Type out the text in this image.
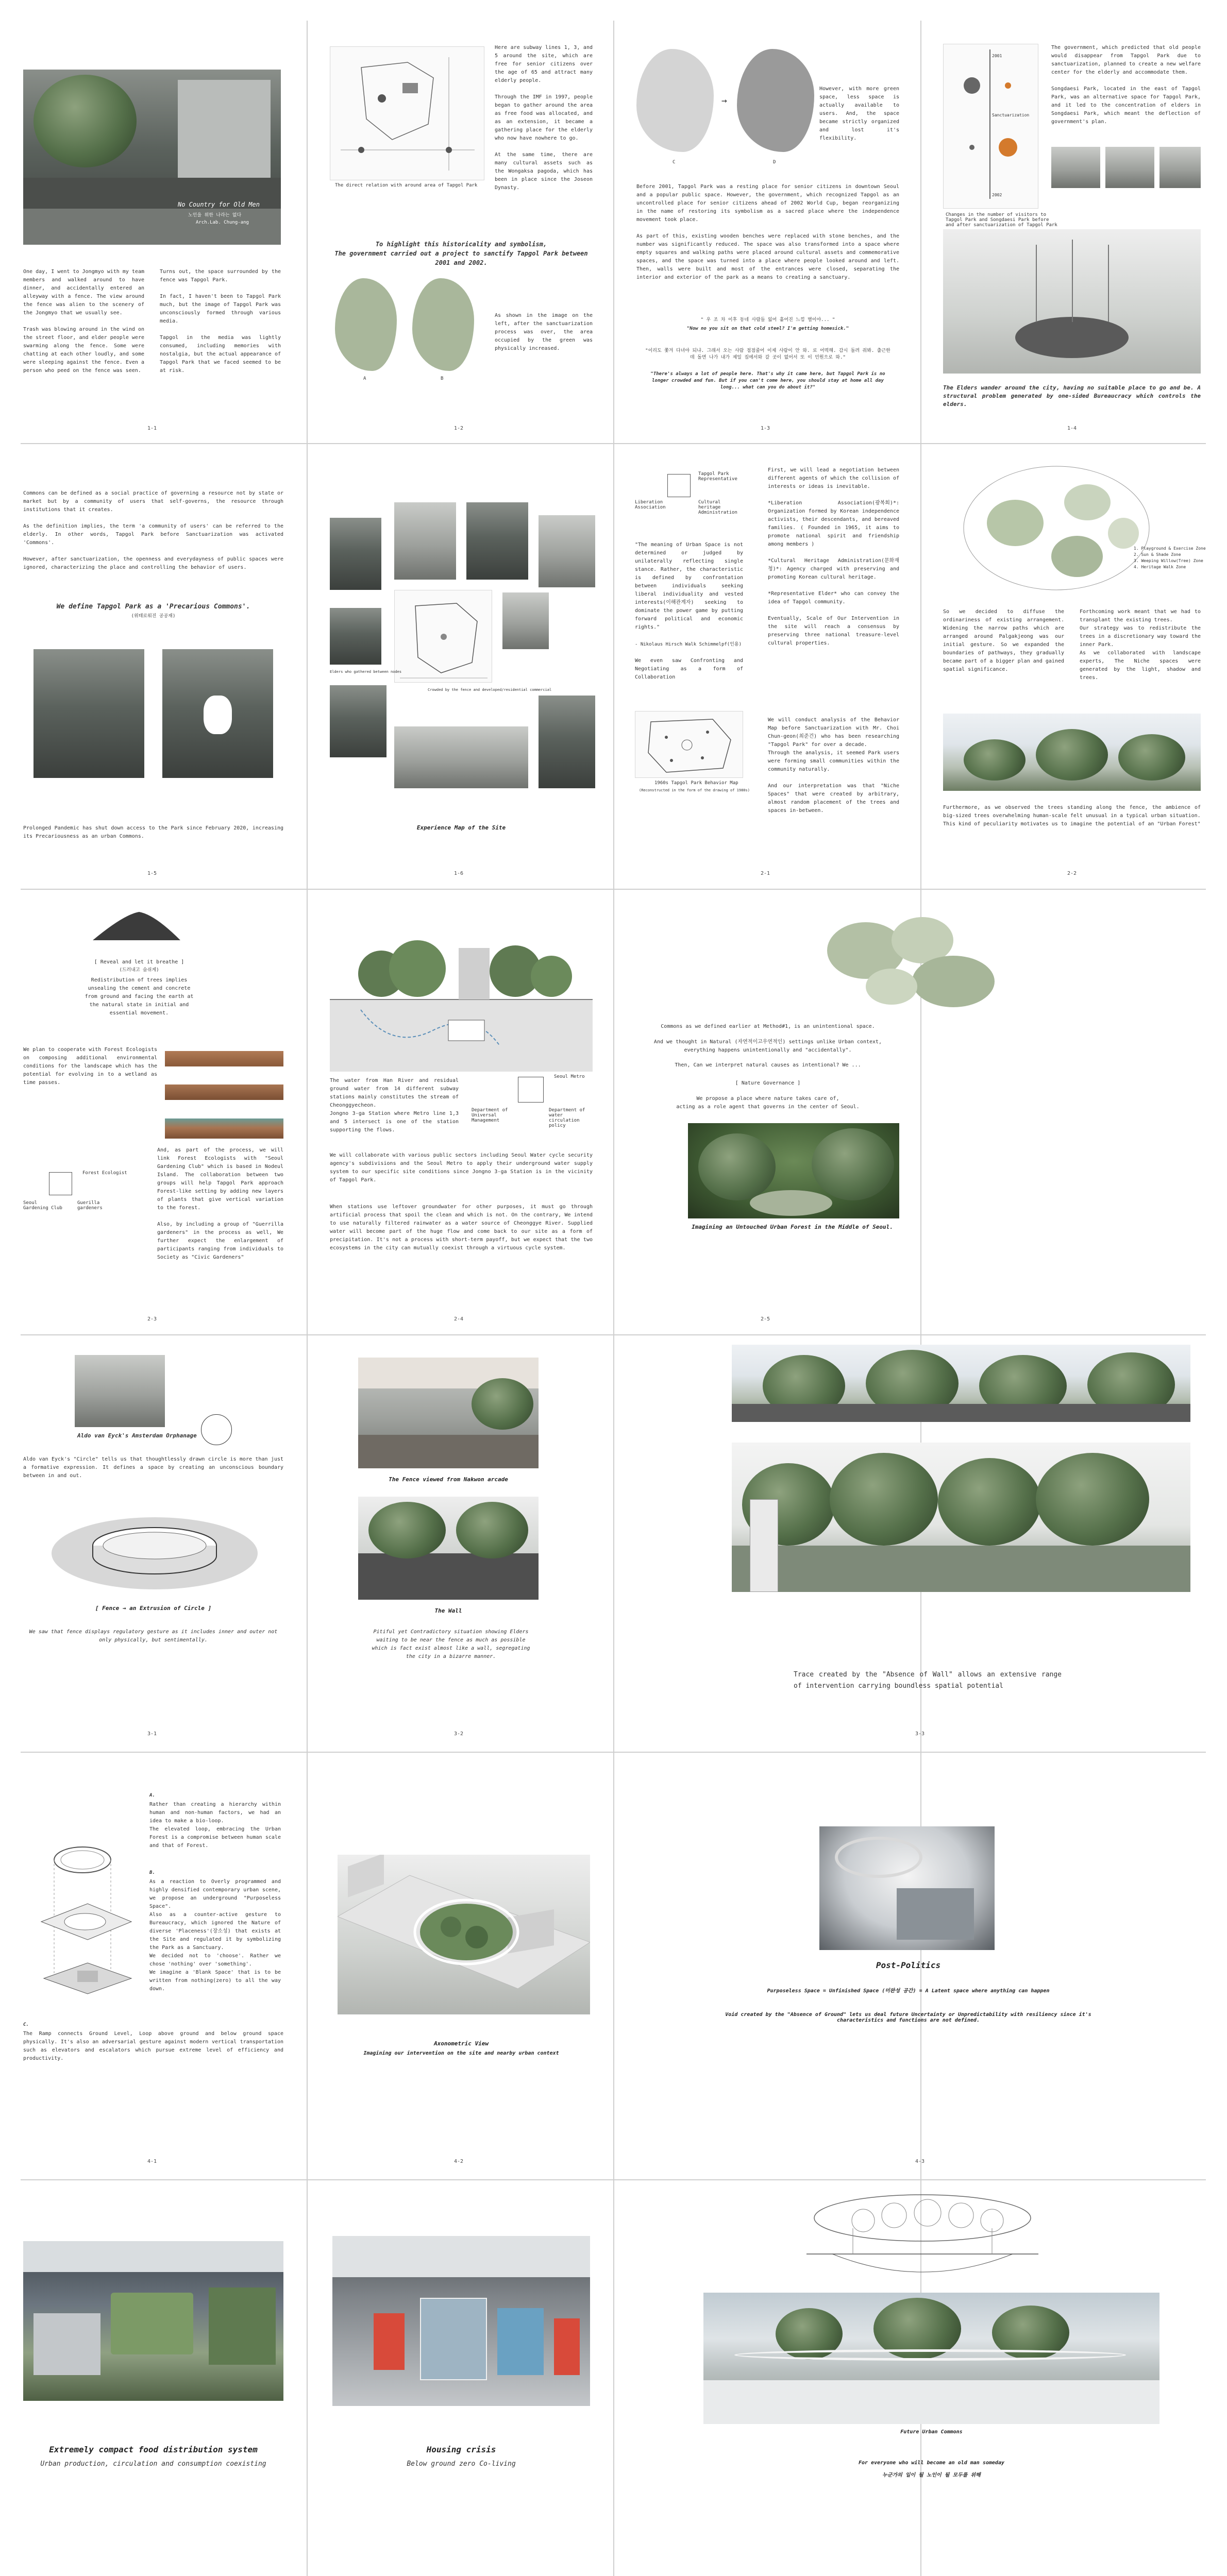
No Country for Old Men
노인을 위한 나라는 없다
Arch.Lab. Chung-ang
One day, I went to Jongmyo with my team members and walked around to have dinner, and accidentally entered an alleyway with a fence. The view around the fence was alien to the scenery of the Jongmyo that we usually see.

Trash was blowing around in the wind on the street floor, and elder people were swarming along the fence. Some were chatting at each other loudly, and some were sleeping against the fence. Even a person who peed on the fence was seen.
Turns out, the space surrounded by the fence was Tapgol Park.

In fact, I haven't been to Tapgol Park much, but the image of Tapgol Park was unconsciously formed through various media.

Tapgol in the media was lightly consumed, including memories with nostalgia, but the actual appearance of Tapgol Park that we faced seemed to be at risk.
1-1
The direct relation with around area of Tapgol Park
Here are subway lines 1, 3, and 5 around the site, which are free for senior citizens over the age of 65 and attract many elderly people.

Through the IMF in 1997, people began to gather around the area as free food was allocated, and as an extension, it became a gathering place for the elderly who now have nowhere to go.

At the same time, there are many cultural assets such as the Wongaksa pagoda, which has been in place since the Joseon Dynasty.
To highlight this historicality and symbolism,
The government carried out a project to sanctify Tapgol Park between 2001 and 2002.
A	B
As shown in the image on the left, after the sanctuarization process was over, the area occupied by the green was physically increased.
1-2
→
C	D
However, with more green space, less space is actually available to users. And, the space became strictly organized and lost it's flexibility.
Before 2001, Tapgol Park was a resting place for senior citizens in downtown Seoul and a popular public space. However, the government, which recognized Tapgol as an uncontrolled place for senior citizens ahead of 2002 World Cup, began reorganizing in the name of restoring its symbolism as a sacred place where the independence movement took place.

As part of this, existing wooden benches were replaced with stone benches, and the number was significantly reduced. The space was also transformed into a space where empty squares and walking paths were placed around cultural assets and commemorative spaces, and the space was turned into a place where people looked around and left. Then, walls were built and most of the entrances were closed, separating the interior and exterior of the park as a means to creating a sanctuary.
" 우 조 차 이후 동네 사람들 잃어 흩어진 느낌 별이야... "
"Now no you sit on that cold steel? I'm getting homesick."
"이리도 쫓겨 다녀야 되냐. 그래서 오는 사람 점점줄어 이제 사람이 안 와. 로 어떡해. 감시 돌려 줘봐. 출근한데 돌면 나가 내가 제일 집에서와 갈 곳이 없어서 또 이 민원으로 와."
"There's always a lot of people here. That's why it came here, but Tapgol Park is no longer crowded and fun. But if you can't come here, you should stay at home all day long... what can you do about it?"
1-3
2001
Sanctuarization
2002
The government, which predicted that old people would disappear from Tapgol Park due to sanctuarization, planned to create a new welfare center for the elderly and accommodate them.

Songdaesi Park, located in the east of Tapgol Park, was an alternative space for Tapgol Park, and it led to the concentration of elders in Songdaesi Park, which meant the deflection of government's plan.
Changes in the number of visitors to Tapgol Park and Songdaesi Park before and after sanctuarization of Tapgol Park
The Elders wander around the city, having no suitable place to go and be. A structural problem generated by one-sided Bureaucracy which controls the elders.
1-4
Commons can be defined as a social practice of governing a resource not by state or market but by a community of users that self-governs, the resource through institutions that it creates.

As the definition implies, the term 'a community of users' can be referred to the elderly. In other words, Tapgol Park before Sanctuarization was activated 'Commons'.

However, after sanctuarization, the openness and everydayness of public spaces were ignored, characterizing the place and controlling the behavior of users.
We define Tapgol Park as a 'Precarious Commons'.
(위태로워진 공공재)
Prolonged Pandemic has shut down access to the Park since February 2020, increasing its Precariousness as an urban Commons.
1-5
Elders who gathered between nodes
Crowded by the fence and developed/residential commercial
Experience Map of the Site
1-6
Tapgol Park Representative
Liberation Association
Cultural heritage Administration
"The meaning of Urban Space is not determined or judged by unilaterally reflecting single stance. Rather, the characteristic is defined by confrontation between individuals seeking liberal individuality and vested interests(이해관계자) seeking to dominate the power game by putting forward political and economic rights."
- Nikolaus Hirsch Walk Schimmelpf(인용)
We even saw Confronting and Negotiating as a form of Collaboration
1960s Tapgol Park Behavior Map
(Reconstructed in the form of the drawing of 1980s)
First, we will lead a negotiation between different agents of which the collision of interests or ideas is inevitable.

*Liberation Association(광복회)*: Organization formed by Korean independence activists, their descendants, and bereaved families. ( Founded in 1965, it aims to promote national spirit and friendship among members )

*Cultural Heritage Administration(문화재청)*: Agency charged with preserving and promoting Korean cultural heritage.

*Representative Elder* who can convey the idea of Tapgol community.

Eventually, Scale of Our Intervention in the site will reach a consensus by preserving three national treasure-level cultural properties.
We will conduct analysis of the Behavior Map before Sanctuarization with Mr. Choi Chun-geon(최준건) who has been researching "Tapgol Park" for over a decade.
Through the analysis, it seemed Park users were forming small communities within the community naturally.

And our interpretation was that "Niche Spaces" that were created by arbitrary, almost random placement of the trees and spaces in-between.
2-1
1. Playground & Exercise Zone
2. Sun & Shade Zone
3. Weeping Willow(Tree) Zone
4. Heritage Walk Zone
So we decided to diffuse the ordinariness of existing arrangement. Widening the narrow paths which are arranged around Palgakjeong was our initial gesture. So we expanded the boundaries of pathways, they gradually became part of a bigger plan and gained spatial significance.
Forthcoming work meant that we had to transplant the existing trees.
Our strategy was to redistribute the trees in a discretionary way toward the inner Park.
As we collaborated with landscape experts, The Niche spaces were generated by the light, shadow and trees.
Furthermore, as we observed the trees standing along the fence, the ambience of big-sized trees overwhelming human-scale felt unusual in a typical urban situation.
This kind of peculiarity motivates us to imagine the potential of an "Urban Forest"
2-2
[ Reveal and let it breathe ]
(드러내고 숨쉬게)
Redistribution of trees implies unsealing the cement and concrete from ground and facing the earth at the natural state in initial and essential movement.
We plan to cooperate with Forest Ecologists on composing additional environmental conditions for the landscape which has the potential for evolving in to a wetland as time passes.
Forest Ecologist
Seoul Gardening Club
Guerilla gardeners
And, as part of the process, we will link Forest Ecologists with "Seoul Gardening Club" which is based in Nodeul Island. The collaboration between two groups will help Tapgol Park approach Forest-like setting by adding new layers of plants that give vertical variation to the forest.

Also, by including a group of "Guerrilla gardeners" in the process as well, We further expect the enlargement of participants ranging from individuals to Society as "Civic Gardeners"
2-3
The water from Han River and residual ground water from 14 different subway stations mainly constitutes the stream of Cheonggyecheon.
Jongno 3-ga Station where Metro line 1,3 and 5 intersect is one of the station supporting the flows.
Seoul Metro
Department of Universal Management
Department of water circulation policy
We will collaborate with various public sectors including Seoul Water cycle security agency's subdivisions and the Seoul Metro to apply their underground water supply system to our specific site conditions since Jongno 3-ga Station is in the vicinity of Tapgol Park.
When stations use leftover groundwater for other purposes, it must go through artificial process that spoil the clean and which is not. On the contrary, We intend to use naturally filtered rainwater as a water source of Cheonggye River. Supplied water will become part of the huge flow and come back to our site as a form of precipitation. It's not a process with short-term payoff, but we expect that the two ecosystems in the city can mutually coexist through a virtuous cycle system.
2-4
Commons as we defined earlier at Method#1, is an unintentional space.
And we thought in Natural (자연적이고우연적인) settings unlike Urban context, everything happens unintentionally and "accidentally".
Then, Can we interpret natural causes as intentional? We ...
[ Nature Governance ]
We propose a place where nature takes care of,
acting as a role agent that governs in the center of Seoul.
Imagining an Untouched Urban Forest in the Middle of Seoul.
2-5
Aldo van Eyck's Amsterdam Orphanage
Aldo van Eyck's "Circle" tells us that thoughtlessly drawn circle is more than just a formative expression. It defines a space by creating an unconscious boundary between in and out.
[ Fence → an Extrusion of Circle ]
We saw that fence displays regulatory gesture as it includes inner and outer not only physically, but sentimentally.
3-1
The Fence viewed from Nakwon arcade
The Wall
Pitiful yet Contradictory situation showing Elders waiting to be near the fence as much as possible which is fact exist almost like a wall, segregating the city in a bizarre manner.
3-2
Trace created by the "Absence of Wall" allows an extensive range of intervention carrying boundless spatial potential
3-3
A.
Rather than creating a hierarchy within human and non-human factors, we had an idea to make a bio-loop.
The elevated loop, embracing the Urban Forest is a compromise between human scale and that of Forest.
B.
As a reaction to Overly programmed and highly densified contemporary urban scene, we propose an underground "Purposeless Space".
Also as a counter-active gesture to Bureaucracy, which ignored the Nature of diverse 'Placeness'(장소성) that exists at the Site and regulated it by symbolizing the Park as a Sanctuary.
We decided not to 'choose'. Rather we chose 'nothing' over 'something'.
We imagine a 'Blank Space' that is to be written from nothing(zero) to all the way down.
C.
The Ramp connects Ground Level, Loop above ground and below ground space physically. It's also an adversarial gesture against modern vertical transportation such as elevators and escalators which pursue extreme level of efficiency and productivity.
4-1
Axonometric View
Imagining our intervention on the site and nearby urban context
4-2
Post-Politics
Purposeless Space = Unfinished Space (미완성 공간) = A Latent space where anything can happen
Void created by the "Absence of Ground" lets us deal future Uncertainty or Unpredictability with resiliency since it's characteristics and functions are not defined.
4-3
Extremely compact food distribution system
Urban production, circulation and consumption coexisting
Housing crisis
Below ground zero Co-living
Future Urban Commons
For everyone who will become an old man someday
누군가의 일이 될 노인이 될 모두를 위해
